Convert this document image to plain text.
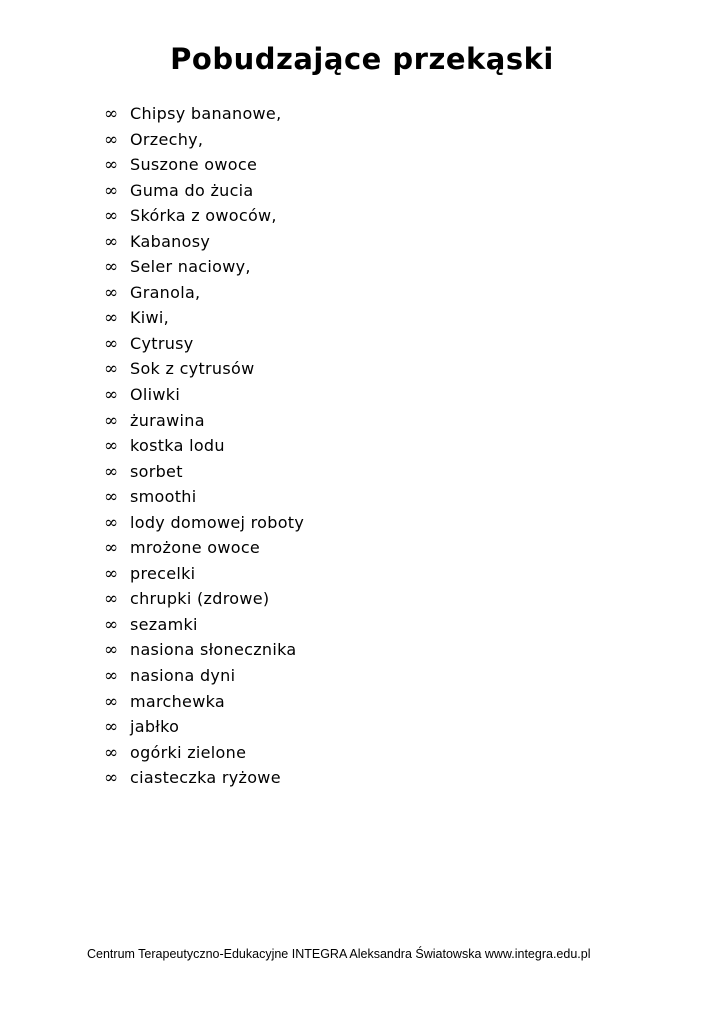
Pobudzające przekąski
∞ Chipsy bananowe,
∞ Orzechy,
∞ Suszone owoce
∞ Guma do żucia
∞ Skórka z owoców,
∞ Kabanosy
∞ Seler naciowy,
∞ Granola,
∞ Kiwi,
∞ Cytrusy
∞ Sok z cytrusów
∞ Oliwki
∞ żurawina
∞ kostka lodu
∞ sorbet
∞ smoothi
∞ lody domowej roboty
∞ mrożone owoce
∞ precelki
∞ chrupki (zdrowe)
∞ sezamki
∞ nasiona słonecznika
∞ nasiona dyni
∞ marchewka
∞ jabłko
∞ ogórki zielone
∞ ciasteczka ryżowe
Centrum Terapeutyczno-Edukacyjne INTEGRA Aleksandra Światowska www.integra.edu.pl
